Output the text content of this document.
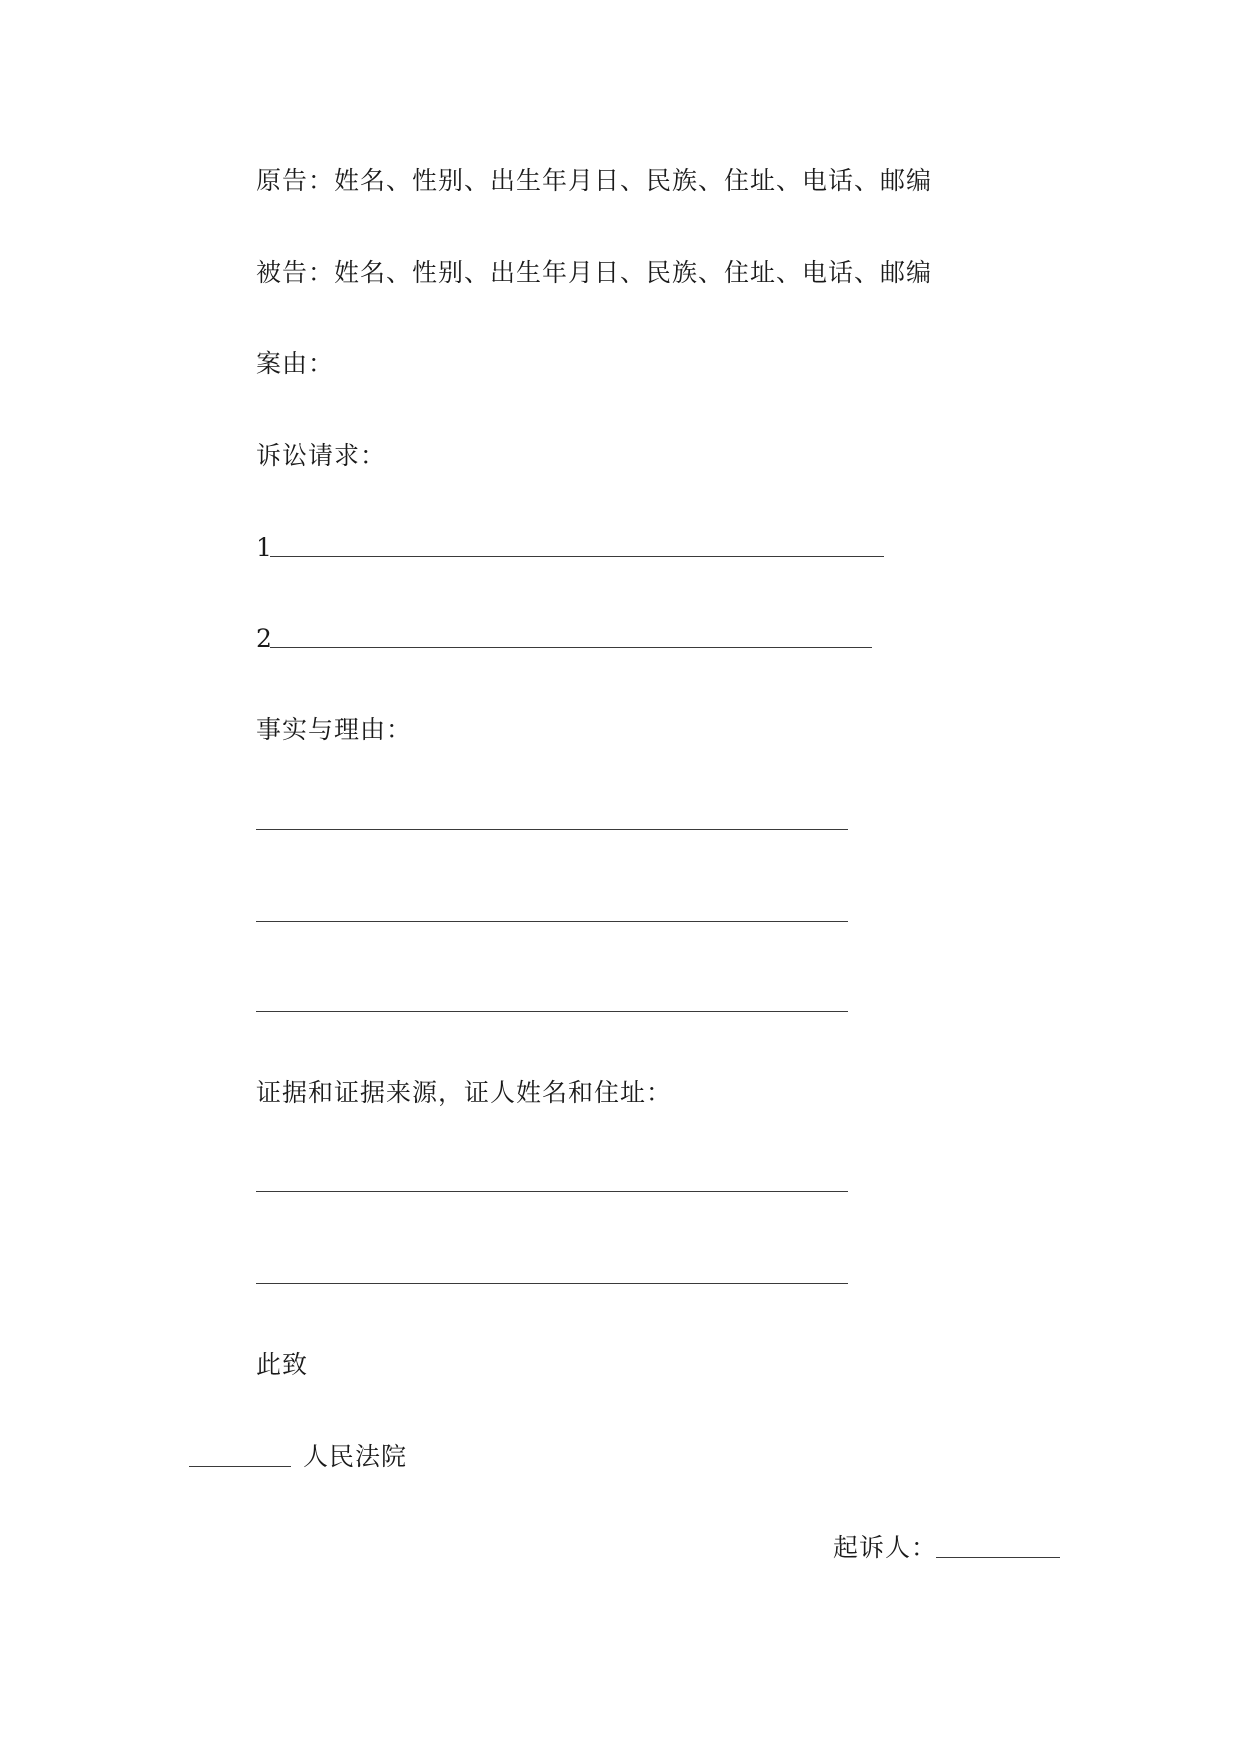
原告：姓名、性别、出生年月日、民族、住址、电话、邮编
被告：姓名、性别、出生年月日、民族、住址、电话、邮编
案由：
诉讼请求：
1
2
事实与理由：
证据和证据来源，证人姓名和住址：
此致
人民法院
起诉人：
